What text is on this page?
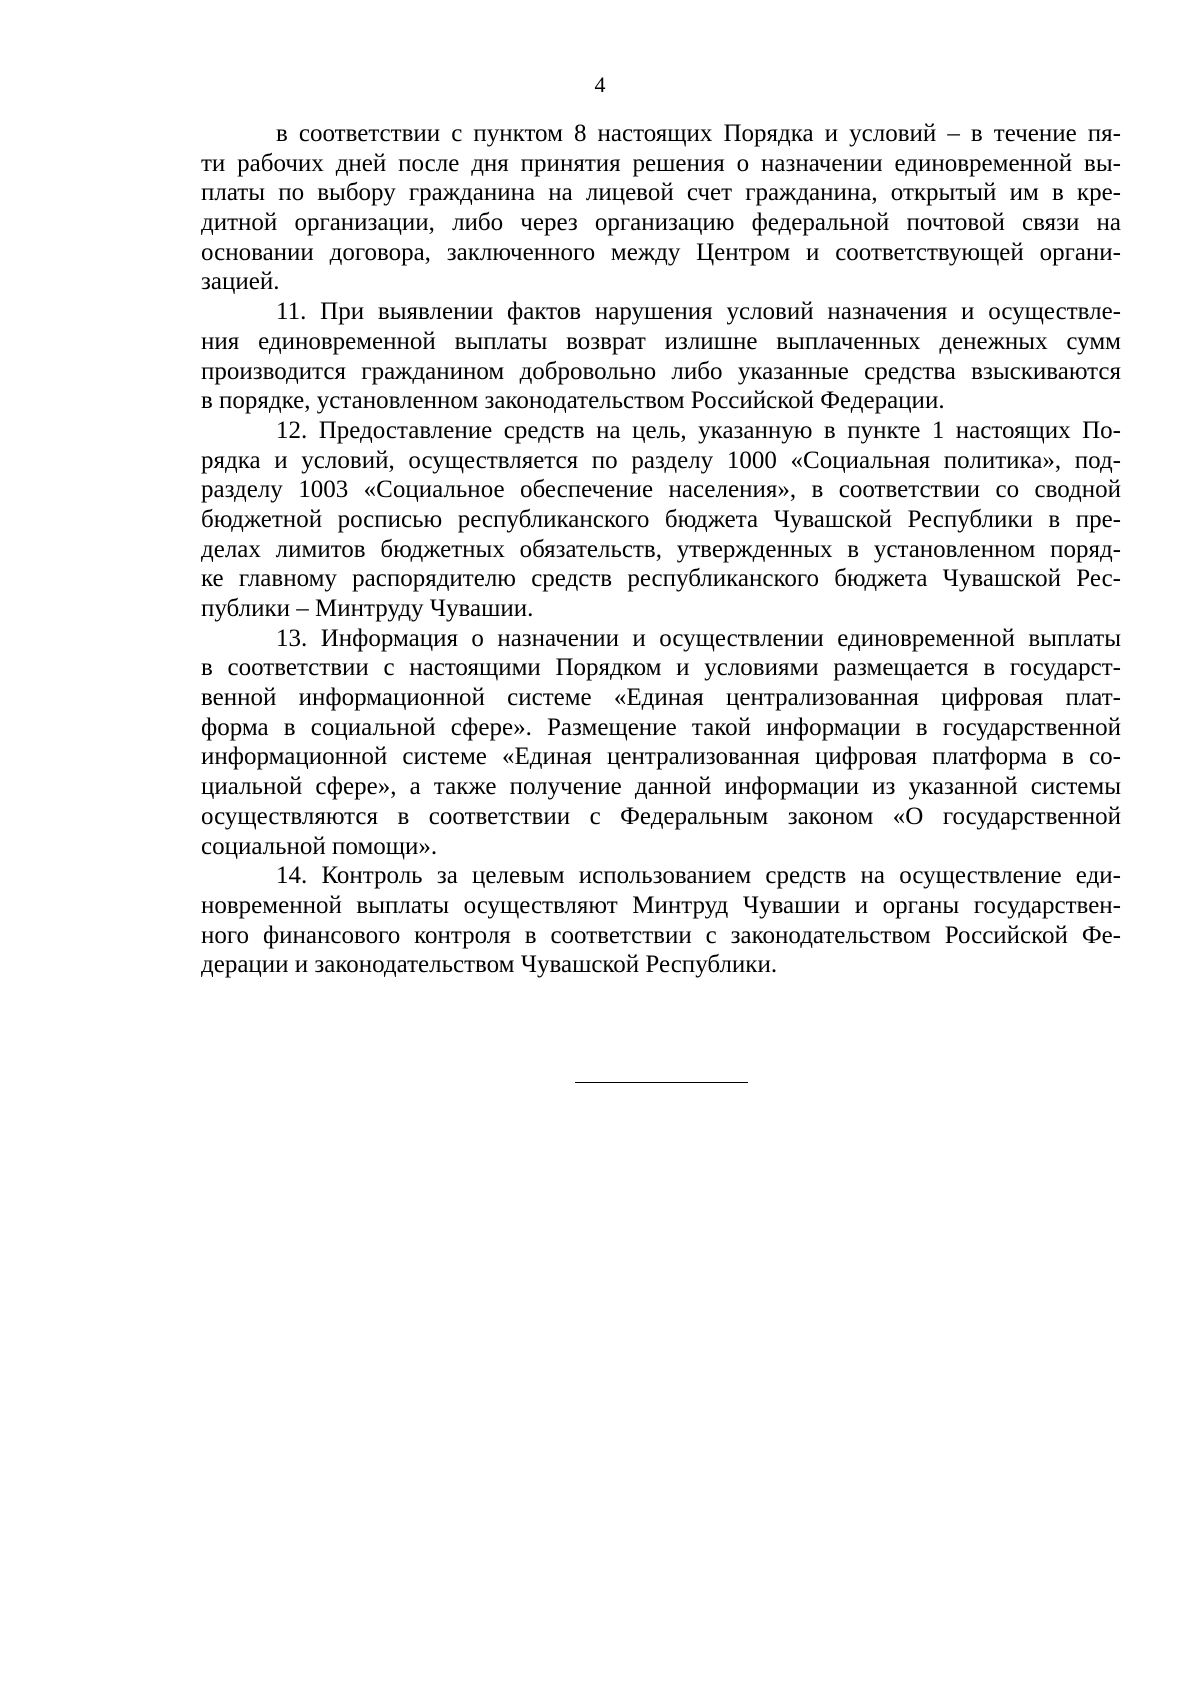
4
в соответствии с пунктом 8 настоящих Порядка и условий – в течение пя-
ти рабочих дней после дня принятия решения о назначении единовременной вы-
платы по выбору гражданина на лицевой счет гражданина, открытый им в кре-
дитной организации, либо через организацию федеральной почтовой связи на
основании договора, заключенного между Центром и соответствующей органи-
зацией.
11. При выявлении фактов нарушения условий назначения и осуществле-
ния единовременной выплаты возврат излишне выплаченных денежных сумм
производится гражданином добровольно либо указанные средства взыскиваются
в порядке, установленном законодательством Российской Федерации.
12. Предоставление средств на цель, указанную в пункте 1 настоящих По-
рядка и условий, осуществляется по разделу 1000 «Социальная политика», под-
разделу 1003 «Социальное обеспечение населения», в соответствии со сводной
бюджетной росписью республиканского бюджета Чувашской Республики в пре-
делах лимитов бюджетных обязательств, утвержденных в установленном поряд-
ке главному распорядителю средств республиканского бюджета Чувашской Рес-
публики – Минтруду Чувашии.
13. Информация о назначении и осуществлении единовременной выплаты
в соответствии с настоящими Порядком и условиями размещается в государст-
венной информационной системе «Единая централизованная цифровая плат-
форма в социальной сфере». Размещение такой информации в государственной
информационной системе «Единая централизованная цифровая платформа в со-
циальной сфере», а также получение данной информации из указанной системы
осуществляются в соответствии с Федеральным законом «О государственной
социальной помощи».
14. Контроль за целевым использованием средств на осуществление еди-
новременной выплаты осуществляют Минтруд Чувашии и органы государствен-
ного финансового контроля в соответствии с законодательством Российской Фе-
дерации и законодательством Чувашской Республики.
